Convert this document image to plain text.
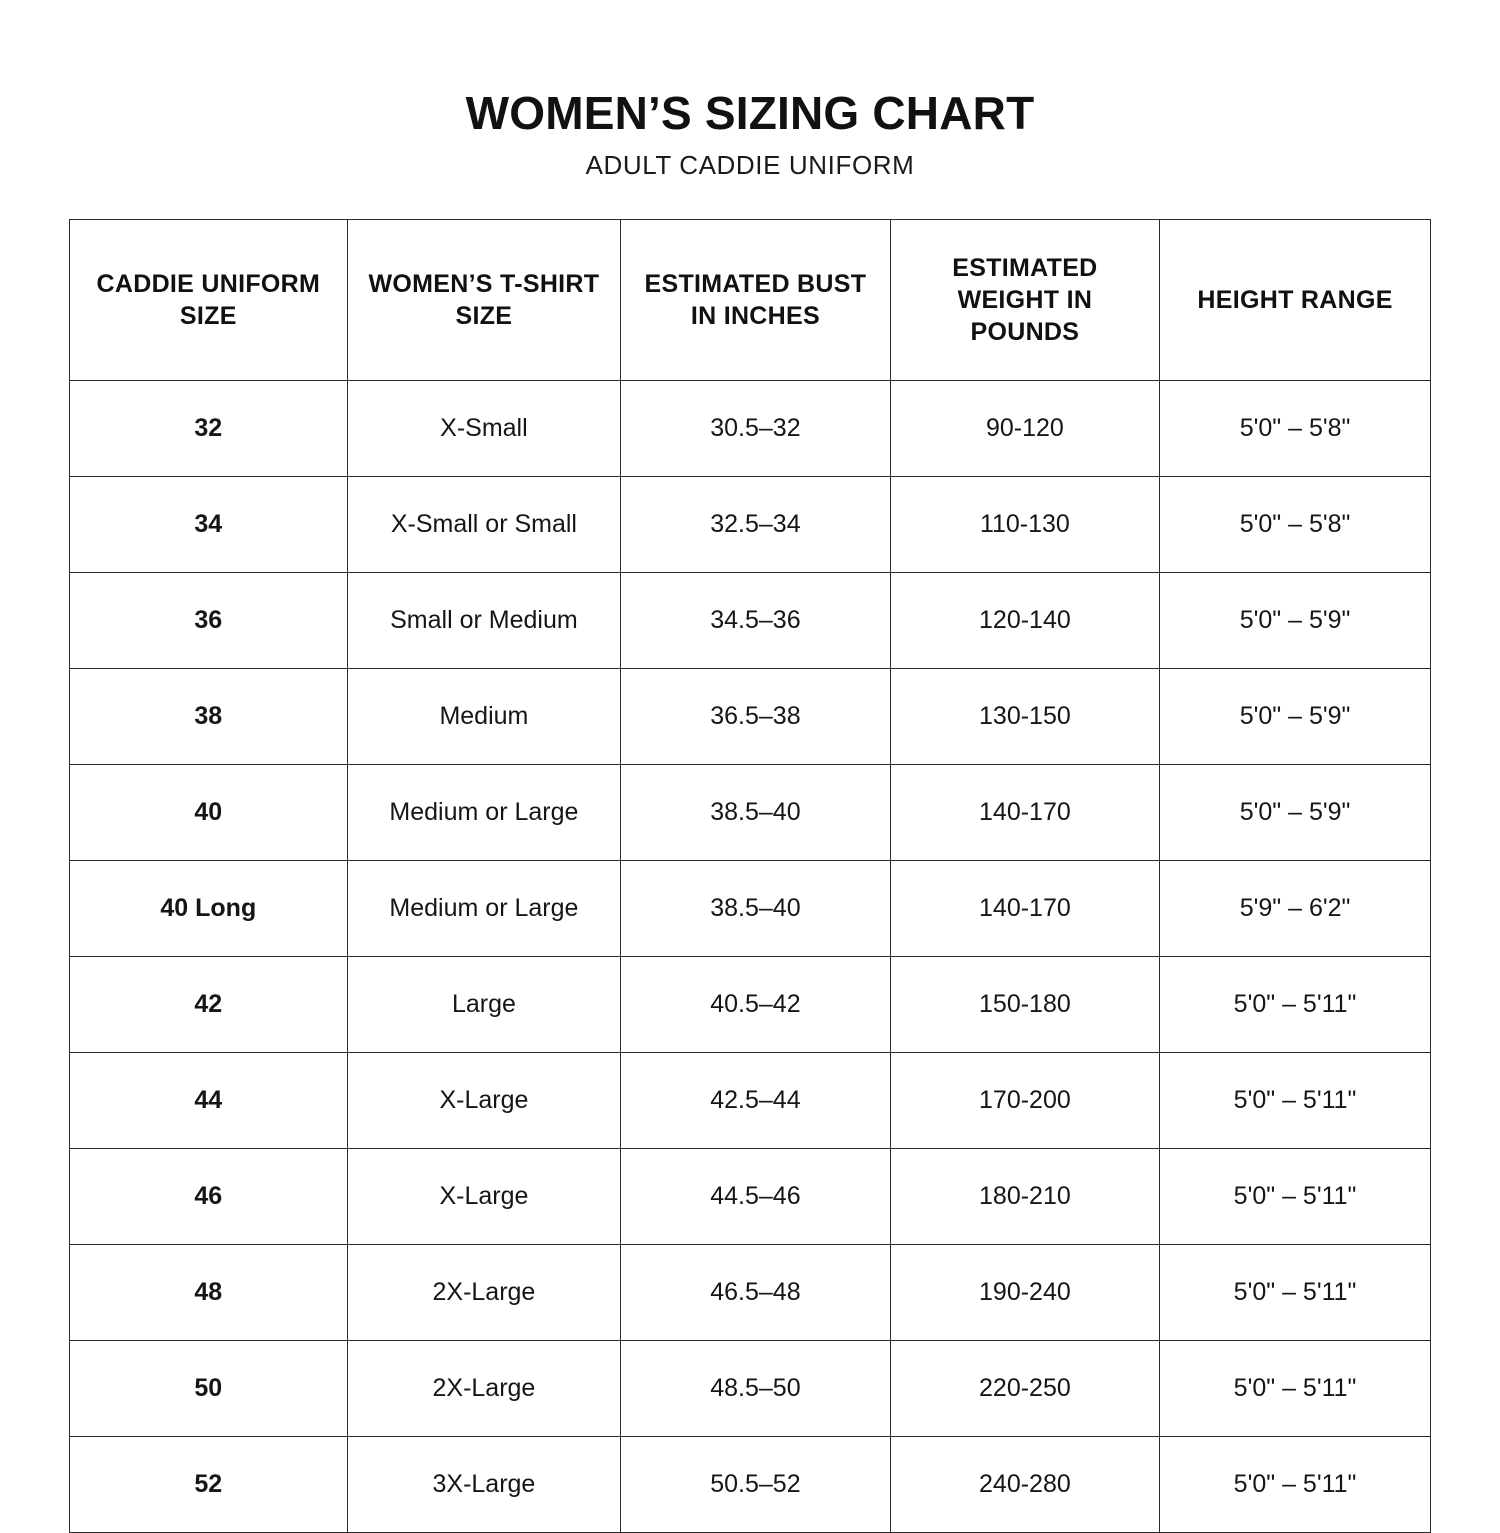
WOMEN’S SIZING CHART
ADULT CADDIE UNIFORM
CADDIE UNIFORM SIZE	WOMEN’S T-SHIRT SIZE	ESTIMATED BUST IN INCHES	ESTIMATED WEIGHT IN POUNDS	HEIGHT RANGE
32	X-Small	30.5–32	90-120	5'0" – 5'8"
34	X-Small or Small	32.5–34	110-130	5'0" – 5'8"
36	Small or Medium	34.5–36	120-140	5'0" – 5'9"
38	Medium	36.5–38	130-150	5'0" – 5'9"
40	Medium or Large	38.5–40	140-170	5'0" – 5'9"
40 Long	Medium or Large	38.5–40	140-170	5'9" – 6'2"
42	Large	40.5–42	150-180	5'0" – 5'11"
44	X-Large	42.5–44	170-200	5'0" – 5'11"
46	X-Large	44.5–46	180-210	5'0" – 5'11"
48	2X-Large	46.5–48	190-240	5'0" – 5'11"
50	2X-Large	48.5–50	220-250	5'0" – 5'11"
52	3X-Large	50.5–52	240-280	5'0" – 5'11"
